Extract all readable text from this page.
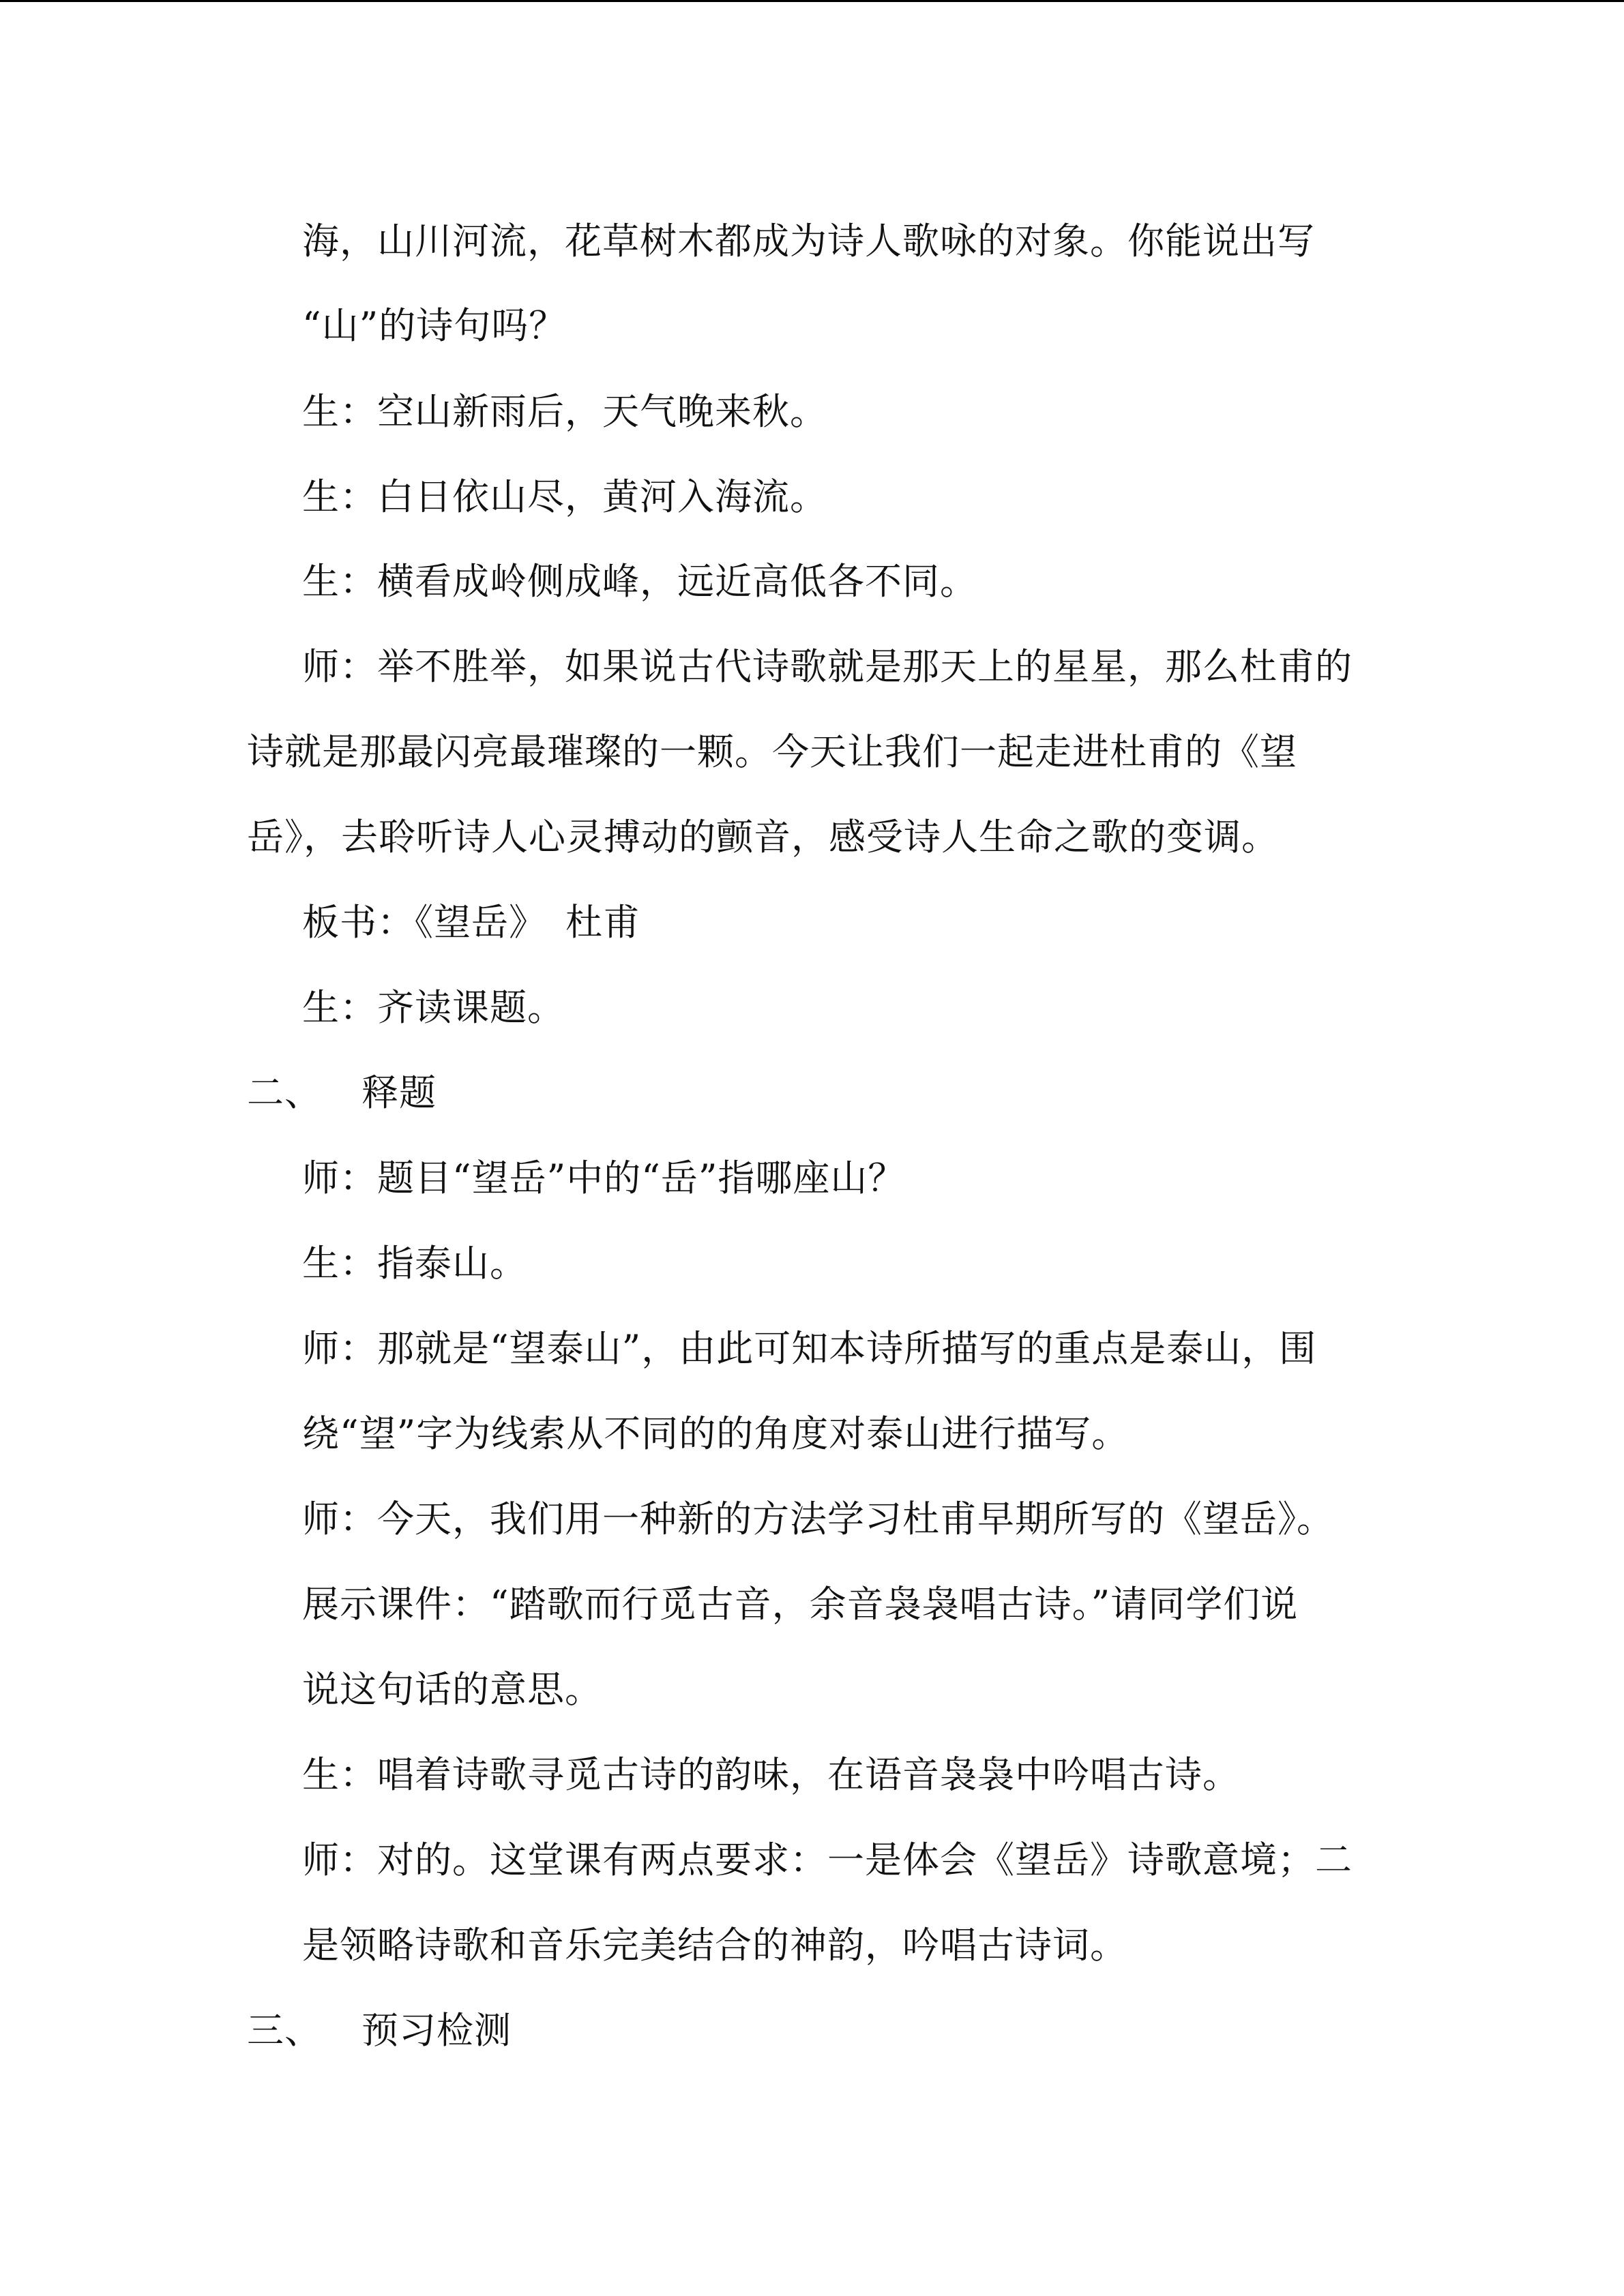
海，山川河流，花草树木都成为诗人歌咏的对象。你能说出写
“山”的诗句吗？
生：空山新雨后，天气晚来秋。
生：白日依山尽，黄河入海流。
生：横看成岭侧成峰，远近高低各不同。
师：举不胜举，如果说古代诗歌就是那天上的星星，那么杜甫的
诗就是那最闪亮最璀璨的一颗。今天让我们一起走进杜甫的《望
岳》，去聆听诗人心灵搏动的颤音，感受诗人生命之歌的变调。
板书：《望岳》　杜甫
生：齐读课题。
二、 释题
师：题目“望岳”中的“岳”指哪座山？
生：指泰山。
师：那就是“望泰山”，由此可知本诗所描写的重点是泰山，围
绕“望”字为线索从不同的的角度对泰山进行描写。
师：今天，我们用一种新的方法学习杜甫早期所写的《望岳》。
展示课件：“踏歌而行觅古音，余音袅袅唱古诗。”请同学们说
说这句话的意思。
生：唱着诗歌寻觅古诗的韵味，在语音袅袅中吟唱古诗。
师：对的。这堂课有两点要求：一是体会《望岳》诗歌意境；二
是领略诗歌和音乐完美结合的神韵，吟唱古诗词。
三、 预习检测
